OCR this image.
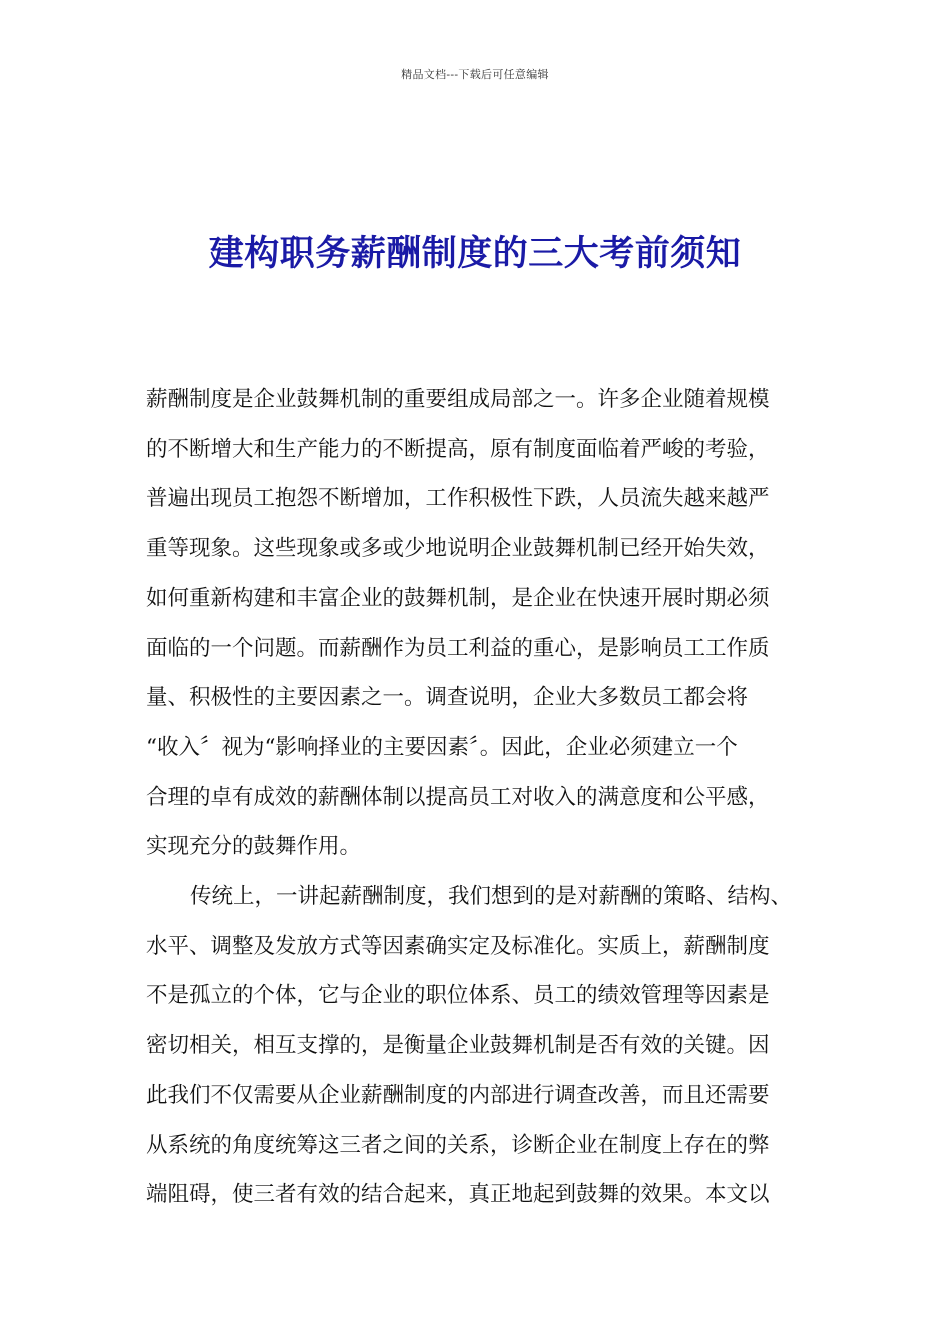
精品文档---下载后可任意编辑
建构职务薪酬制度的三大考前须知
薪酬制度是企业鼓舞机制的重要组成局部之一。许多企业随着规模
的不断增大和生产能力的不断提高，原有制度面临着严峻的考验，
普遍出现员工抱怨不断增加，工作积极性下跌，人员流失越来越严
重等现象。这些现象或多或少地说明企业鼓舞机制已经开始失效，
如何重新构建和丰富企业的鼓舞机制，是企业在快速开展时期必须
面临的一个问题。而薪酬作为员工利益的重心，是影响员工工作质
量、积极性的主要因素之一。调查说明，企业大多数员工都会将
“收入〞视为“影响择业的主要因素〞。因此，企业必须建立一个
合理的卓有成效的薪酬体制以提高员工对收入的满意度和公平感，
实现充分的鼓舞作用。
传统上，一讲起薪酬制度，我们想到的是对薪酬的策略、结构、
水平、调整及发放方式等因素确实定及标准化。实质上，薪酬制度
不是孤立的个体，它与企业的职位体系、员工的绩效管理等因素是
密切相关，相互支撑的，是衡量企业鼓舞机制是否有效的关键。因
此我们不仅需要从企业薪酬制度的内部进行调查改善，而且还需要
从系统的角度统筹这三者之间的关系，诊断企业在制度上存在的弊
端阻碍，使三者有效的结合起来，真正地起到鼓舞的效果。本文以
